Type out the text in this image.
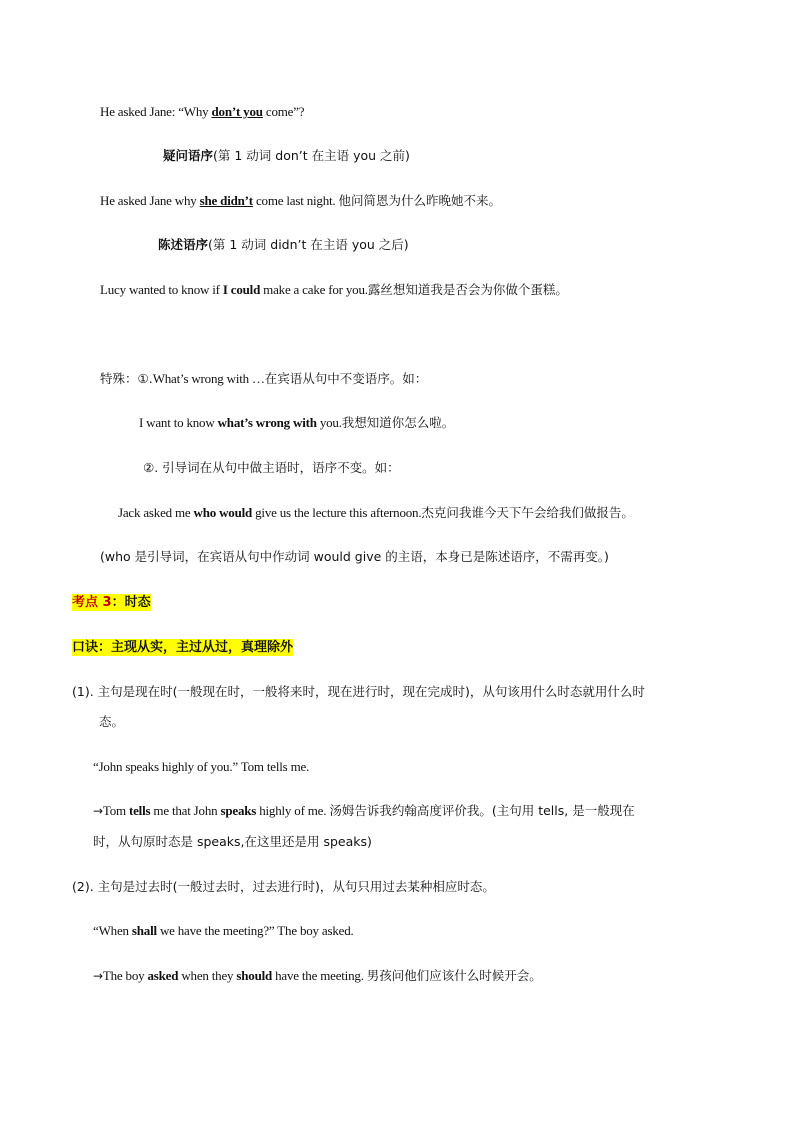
He asked Jane: “Why don’t you come”?
疑问语序(第 1 动词 don’t 在主语 you 之前)
He asked Jane why she didn’t come last night. 他问简恩为什么昨晚她不来。
陈述语序(第 1 动词 didn’t 在主语 you 之后)
Lucy wanted to know if I could make a cake for you.露丝想知道我是否会为你做个蛋糕。
特殊：①.What’s wrong with …在宾语从句中不变语序。如：
I want to know what’s wrong with you.我想知道你怎么啦。
②. 引导词在从句中做主语时，语序不变。如：
Jack asked me who would give us the lecture this afternoon.杰克问我谁今天下午会给我们做报告。
(who 是引导词，在宾语从句中作动词 would give 的主语，本身已是陈述语序，不需再变。)
考点 3：时态
口诀：主现从实，主过从过，真理除外
(1). 主句是现在时(一般现在时，一般将来时，现在进行时，现在完成时)，从句该用什么时态就用什么时
态。
“John speaks highly of you.” Tom tells me.
→Tom tells me that John speaks highly of me. 汤姆告诉我约翰高度评价我。(主句用 tells, 是一般现在
时，从句原时态是 speaks,在这里还是用 speaks)
(2). 主句是过去时(一般过去时，过去进行时)，从句只用过去某种相应时态。
“When shall we have the meeting?” The boy asked.
→The boy asked when they should have the meeting. 男孩问他们应该什么时候开会。
